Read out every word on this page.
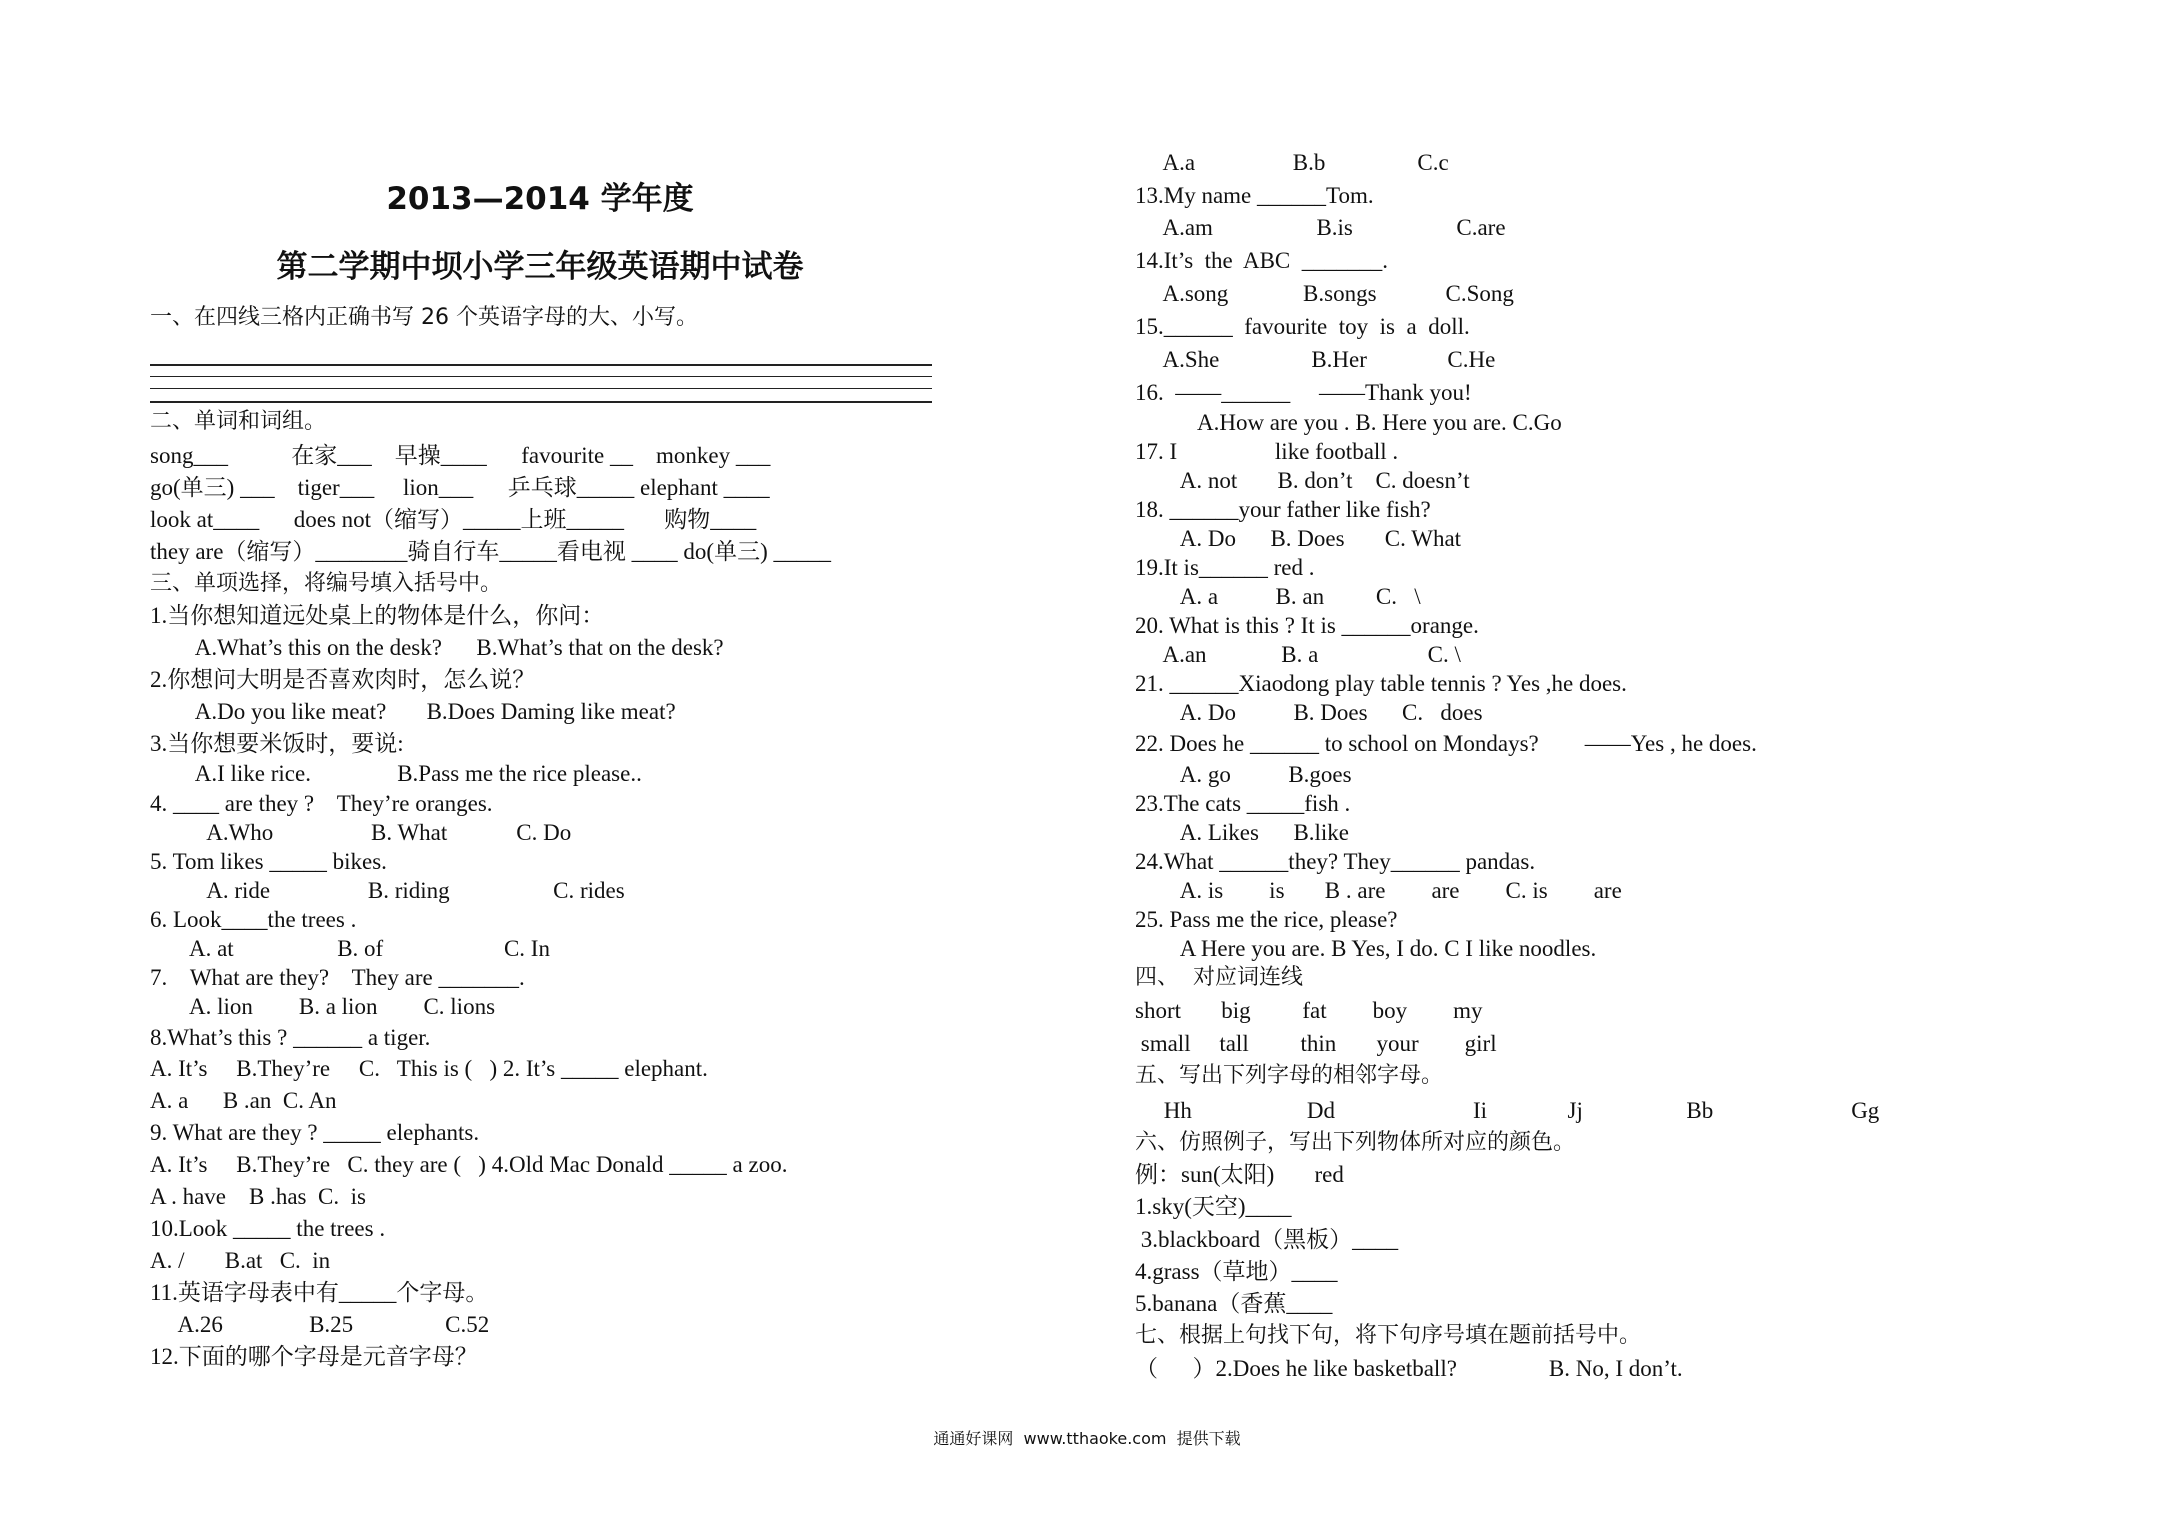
2013—2014 学年度
第二学期中坝小学三年级英语期中试卷
一、在四线三格内正确书写 26 个英语字母的大、小写。
二、单词和词组。
song___           在家___    早操____      favourite __    monkey ___
go(单三) ___    tiger___     lion___      乒乓球_____ elephant ____
look at____      does not（缩写）_____上班_____       购物____
they are（缩写）________骑自行车_____看电视 ____ do(单三) _____
三、单项选择，将编号填入括号中。
1.当你想知道远处桌上的物体是什么，你问：
A.What’s this on the desk?      B.What’s that on the desk?
2.你想问大明是否喜欢肉时，怎么说？
A.Do you like meat?       B.Does Daming like meat?
3.当你想要米饭时，要说:
A.I like rice.               B.Pass me the rice please..
4. ____ are they ?    They’re oranges.
A.Who                 B. What            C. Do
5. Tom likes _____ bikes.
A. ride                 B. riding                  C. rides
6. Look____the trees .
A. at                  B. of                     C. In
7.    What are they?    They are _______.
A. lion        B. a lion        C. lions
8.What’s this ? ______ a tiger.
A. It’s     B.They’re     C.   This is (   ) 2. It’s _____ elephant.
A. a      B .an  C. An
9. What are they ? _____ elephants.
A. It’s     B.They’re   C. they are (   ) 4.Old Mac Donald _____ a zoo.
A . have    B .has  C.  is
10.Look _____ the trees .
A. /       B.at   C.  in
11.英语字母表中有_____个字母。
A.26               B.25                C.52
12.下面的哪个字母是元音字母？
A.a                 B.b                C.c
13.My name ______Tom.
A.am                  B.is                  C.are
14.It’s  the  ABC  _______.
A.song             B.songs            C.Song
15.______  favourite  toy  is  a  doll.
A.She                B.Her              C.He
16.  ——______     ——Thank you!
A.How are you . B. Here you are. C.Go
17. I                 like football .
A. not       B. don’t    C. doesn’t
18. ______your father like fish?
A. Do      B. Does       C. What
19.It is______ red .
A. a          B. an         C.   \
20. What is this ? It is ______orange.
A.an             B. a                   C. \
21. ______Xiaodong play table tennis ? Yes ,he does.
A. Do          B. Does      C.   does
22. Does he ______ to school on Mondays?        ——Yes , he does.
A. go          B.goes
23.The cats _____fish .
A. Likes      B.like
24.What ______they? They______ pandas.
A. is        is       B . are        are        C. is        are
25. Pass me the rice, please?
A Here you are. B Yes, I do. C I like noodles.
四、  对应词连线
short       big         fat        boy        my
small     tall         thin       your        girl
五、写出下列字母的相邻字母。
Hh                    Dd                        Ii              Jj                  Bb                        Gg
六、仿照例子，写出下列物体所对应的颜色。
例：sun(太阳)       red
1.sky(天空)____
3.blackboard（黑板）____
4.grass（草地）____
5.banana（香蕉____
七、根据上句找下句，将下句序号填在题前括号中。
（      ）2.Does he like basketball?                B. No, I don’t.
通通好课网  www.tthaoke.com  提供下载
